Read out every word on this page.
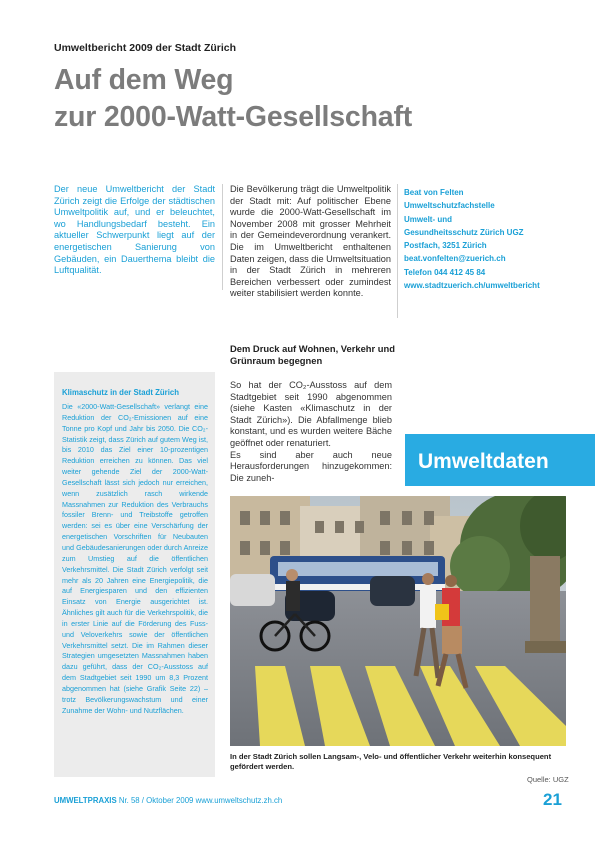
Umweltbericht 2009 der Stadt Zürich
Auf dem Weg
zur 2000-Watt-Gesellschaft
Der neue Umweltbericht der Stadt Zürich zeigt die Erfolge der städtischen Umweltpolitik auf, und er beleuchtet, wo Handlungsbedarf besteht. Ein aktueller Schwerpunkt liegt auf der energetischen Sanierung von Gebäuden, ein Dauerthema bleibt die Luftqualität.

Die Bevölkerung trägt die Umweltpolitik der Stadt mit: Auf politischer Ebene wurde die 2000-Watt-Gesellschaft im November 2008 mit grosser Mehrheit in der Gemeindeverordnung verankert. Die im Umweltbericht enthaltenen Daten zeigen, dass die Umweltsituation in der Stadt Zürich in mehreren Bereichen verbessert oder zumindest weiter stabilisiert werden konnte.

Beat von Felten
Umweltschutzfachstelle
Umwelt- und
Gesundheitsschutz Zürich UGZ
Postfach, 3251 Zürich
beat.vonfelten@zuerich.ch
Telefon 044 412 45 84
www.stadtzuerich.ch/umweltbericht
Dem Druck auf Wohnen, Verkehr und Grünraum begegnen

So hat der CO₂-Ausstoss auf dem Stadtgebiet seit 1990 abgenommen (siehe Kasten «Klimaschutz in der Stadt Zürich»). Die Abfallmenge blieb konstant, und es wurden weitere Bäche geöffnet oder renaturiert.

Es sind aber auch neue Herausforderungen hinzugekommen: Die zuneh-

Klimaschutz in der Stadt Zürich
Die «2000-Watt-Gesellschaft» verlangt eine Reduktion der CO₂-Emissionen auf eine Tonne pro Kopf und Jahr bis 2050. Die CO₂-Statistik zeigt, dass Zürich auf gutem Weg ist, bis 2010 das Ziel einer 10-prozentigen Reduktion erreichen zu können. Das viel weiter gehende Ziel der 2000-Watt-Gesellschaft lässt sich jedoch nur erreichen, wenn zusätzlich rasch wirkende Massnahmen zur Reduktion des Verbrauchs fossiler Brenn- und Treibstoffe getroffen werden: sei es über eine Verschärfung der energetischen Vorschriften für Neubauten und Gebäudesanierungen oder durch Anreize zum Umstieg auf die öffentlichen Verkehrsmittel. Die Stadt Zürich verfolgt seit mehr als 20 Jahren eine Energiepolitik, die auf Energiesparen und den effizienten Einsatz von Energie ausgerichtet ist. Ähnliches gilt auch für die Verkehrspolitik, die in erster Linie auf die Förderung des Fuss- und Veloverkehrs sowie der öffentlichen Verkehrsmittel setzt. Die im Rahmen dieser Strategien umgesetzten Massnahmen haben dazu geführt, dass der CO₂-Ausstoss auf dem Stadtgebiet seit 1990 um 8,3 Prozent abgenommen hat (siehe Grafik Seite 22) – trotz Bevölkerungswachstum und einer Zunahme der Wohn- und Nutzflächen.
Umweltdaten
In der Stadt Zürich sollen Langsam-, Velo- und öffentlicher Verkehr weiterhin konsequent gefördert werden.
Quelle: UGZ
UMWELTPRAXIS Nr. 58 / Oktober 2009 www.umweltschutz.zh.ch	21
